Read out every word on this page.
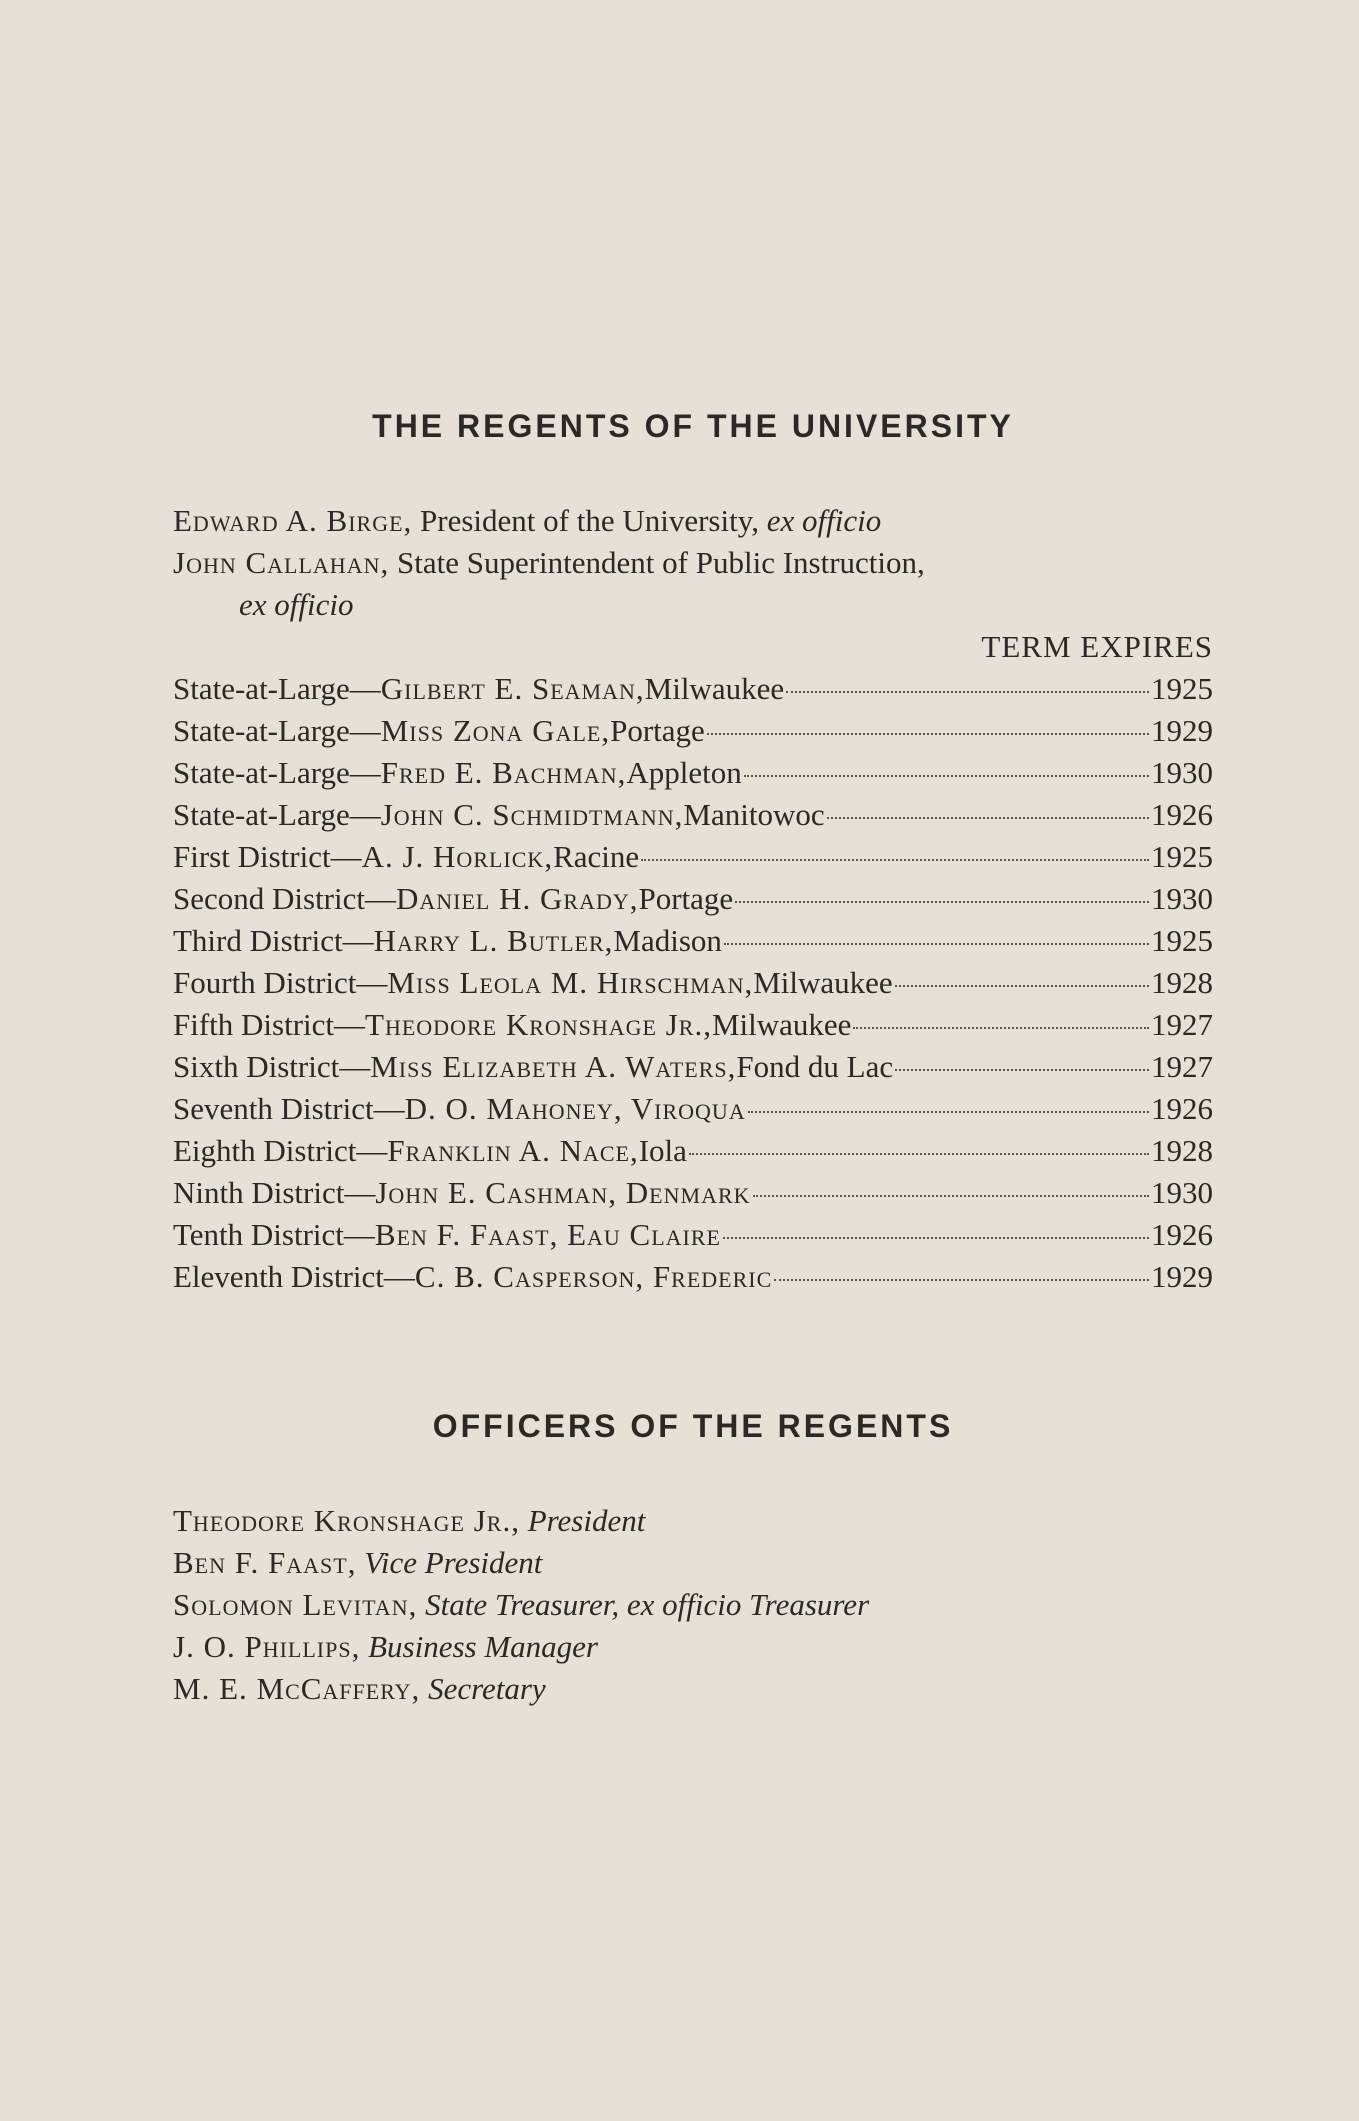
THE REGENTS OF THE UNIVERSITY
Edward A. Birge, President of the University, ex officio
John Callahan, State Superintendent of Public Instruction,
ex officio
TERM EXPIRES
State-at-Large— Gilbert E. Seaman, Milwaukee	1925
State-at-Large— Miss Zona Gale, Portage	1929
State-at-Large— Fred E. Bachman, Appleton	1930
State-at-Large— John C. Schmidtmann, Manitowoc	1926
First District— A. J. Horlick, Racine	1925
Second District— Daniel H. Grady, Portage	1930
Third District— Harry L. Butler, Madison	1925
Fourth District— Miss Leola M. Hirschman, Milwaukee	1928
Fifth District— Theodore Kronshage Jr., Milwaukee	1927
Sixth District— Miss Elizabeth A. Waters, Fond du Lac	1927
Seventh District— D. O. Mahoney, Viroqua	1926
Eighth District— Franklin A. Nace, Iola	1928
Ninth District— John E. Cashman, Denmark	1930
Tenth District— Ben F. Faast, Eau Claire	1926
Eleventh District— C. B. Casperson, Frederic	1929
OFFICERS OF THE REGENTS
Theodore Kronshage Jr., President
Ben F. Faast, Vice President
Solomon Levitan, State Treasurer, ex officio Treasurer
J. O. Phillips, Business Manager
M. E. McCaffery, Secretary
